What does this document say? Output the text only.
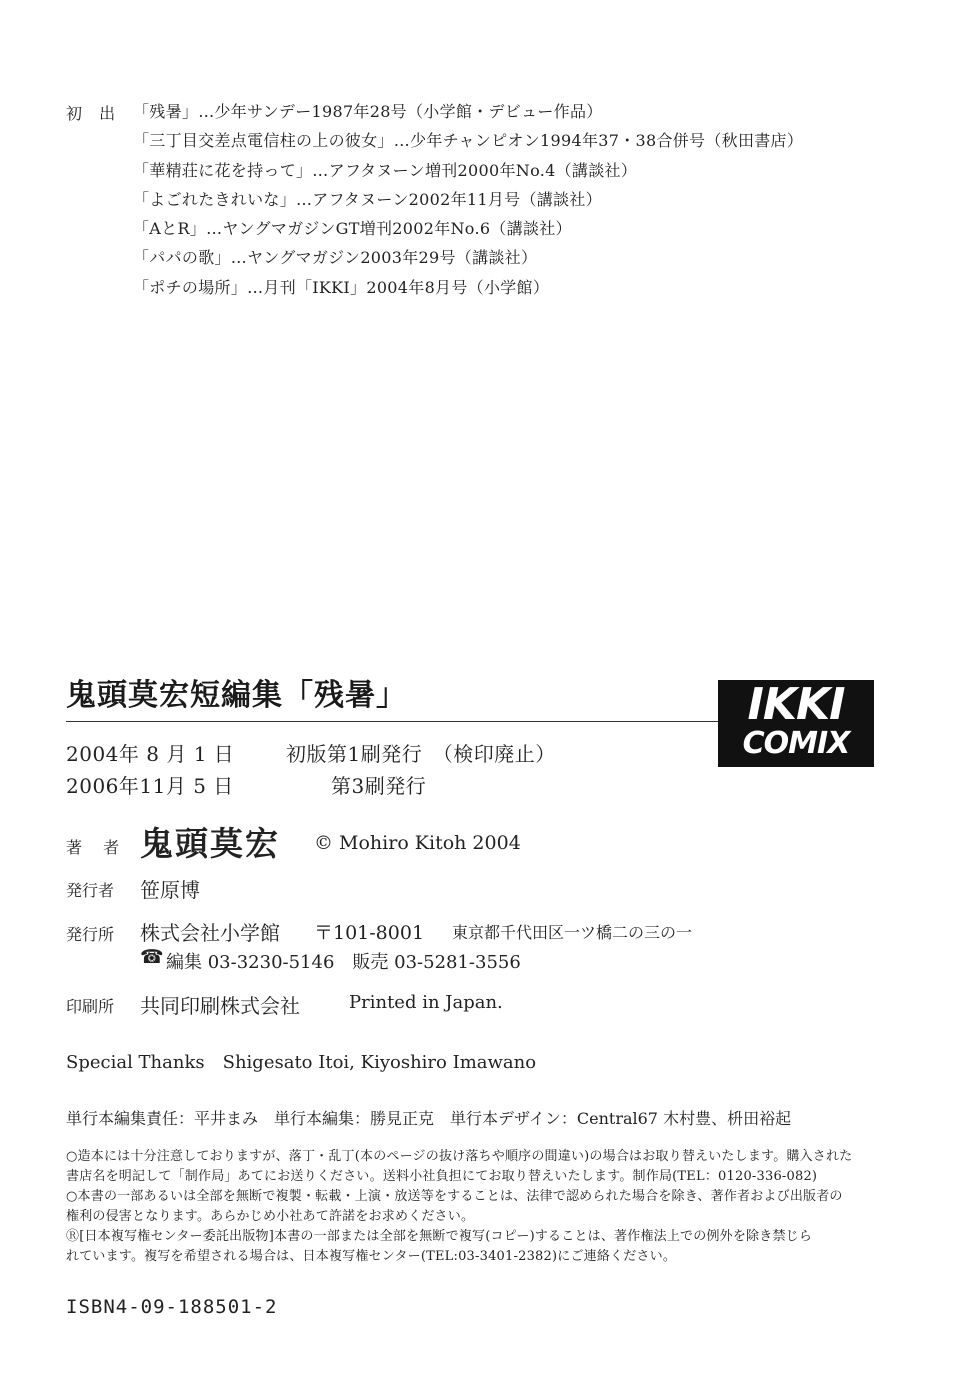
初 出 「残暑」…少年サンデー1987年28号（小学館・デビュー作品）
「三丁目交差点電信柱の上の彼女」…少年チャンピオン1994年37・38合併号（秋田書店）
「華精荘に花を持って」…アフタヌーン増刊2000年No.4（講談社）
「よごれたきれいな」…アフタヌーン2002年11月号（講談社）
「AとR」…ヤングマガジンGT増刊2002年No.6（講談社）
「パパの歌」…ヤングマガジン2003年29号（講談社）
「ポチの場所」…月刊「IKKI」2004年8月号（小学館）
鬼頭莫宏短編集「残暑」	IKKI
COMIX
2004年 8 月 1 日	初版第1刷発行　（検印廃止）
2006年11月 5 日	第3刷発行
著 者 鬼頭莫宏 © Mohiro Kitoh 2004
発行者 笹原博
発行所 株式会社小学館 〒101-8001 東京都千代田区一ツ橋二の三の一
☎ 編集 03-3230-5146　販売 03-5281-3556
印刷所 共同印刷株式会社	Printed in Japan.
Special Thanks　Shigesato Itoi, Kiyoshiro Imawano
単行本編集責任：平井まみ　単行本編集：勝見正克　単行本デザイン：Central67 木村豊、枡田裕起
○造本には十分注意しておりますが、落丁・乱丁(本のページの抜け落ちや順序の間違い)の場合はお取り替えいたします。購入された
書店名を明記して「制作局」あてにお送りください。送料小社負担にてお取り替えいたします。制作局(TEL：0120-336-082)
○本書の一部あるいは全部を無断で複製・転載・上演・放送等をすることは、法律で認められた場合を除き、著作者および出版者の
権利の侵害となります。あらかじめ小社あて許諾をお求めください。
Ⓡ[日本複写権センター委託出版物]本書の一部または全部を無断で複写(コピー)することは、著作権法上での例外を除き禁じら
れています。複写を希望される場合は、日本複写権センター(TEL:03-3401-2382)にご連絡ください。
ISBN4-09-188501-2
